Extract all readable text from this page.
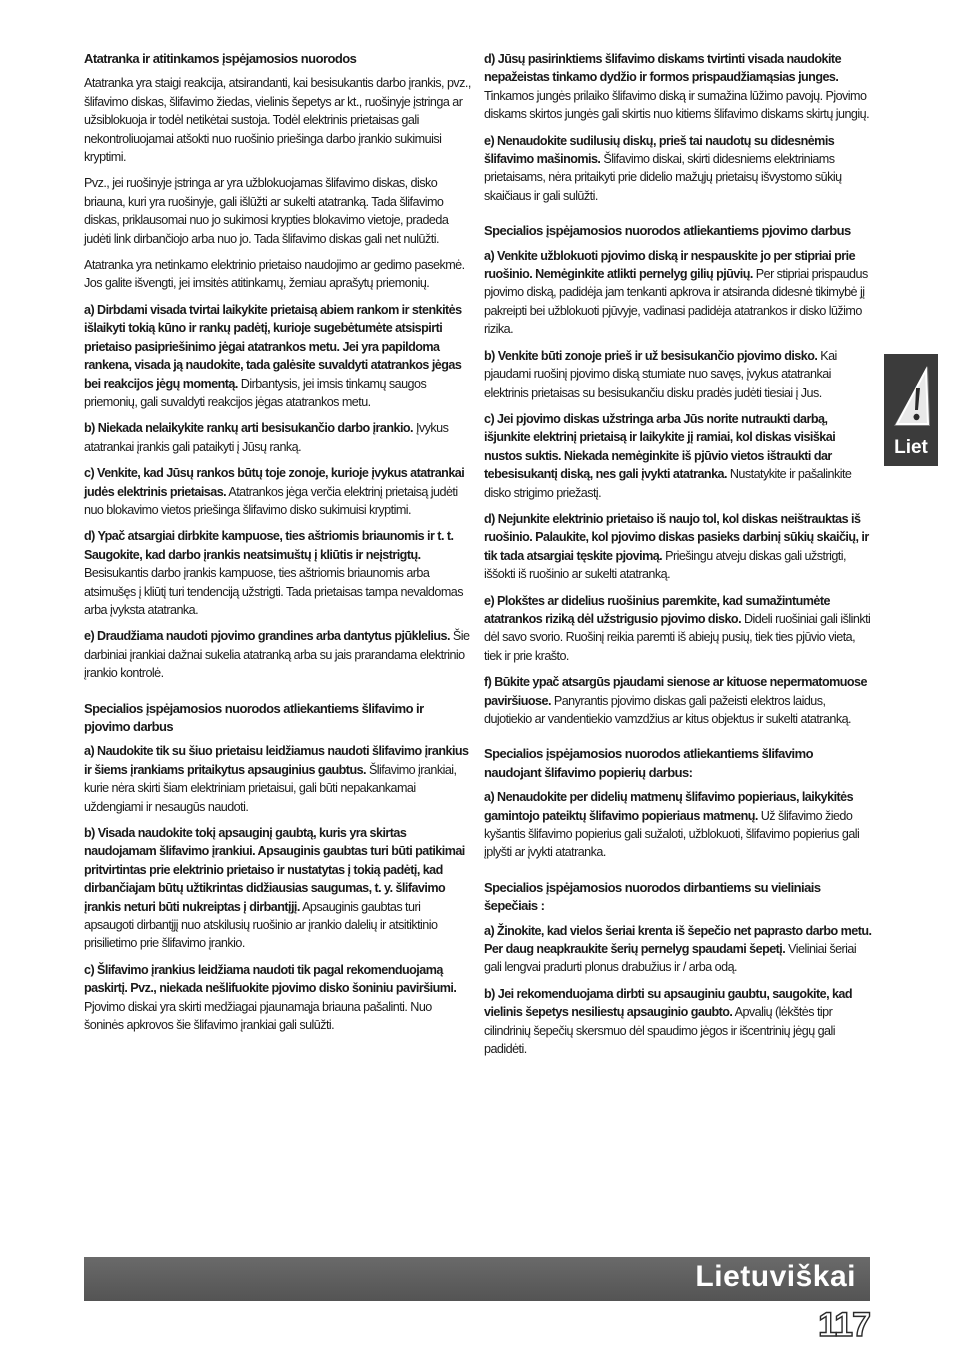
Atatranka ir atitinkamos įspėjamosios nuorodos

Atatranka yra staigi reakcija, atsirandanti, kai besisukantis darbo įrankis, pvz., šlifavimo diskas, šlifavimo žiedas, vielinis šepetys ar kt., ruošinyje įstringa ar užsiblokuoja ir todėl netikėtai sustoja. Todėl elektrinis prietaisas gali nekontroliuojamai atšokti nuo ruošinio priešinga darbo įrankio sukimuisi kryptimi.

Pvz., jei ruošinyje įstringa ar yra užblokuojamas šlifavimo diskas, disko briauna, kuri yra ruošinyje, gali išlūžti ar sukelti atatranką. Tada šlifavimo diskas, priklausomai nuo jo sukimosi krypties blokavimo vietoje, pradeda judėti link dirbančiojo arba nuo jo. Tada šlifavimo diskas gali net nulūžti.

Atatranka yra netinkamo elektrinio prietaiso naudojimo ar gedimo pasekmė. Jos galite išvengti, jei imsitės atitinkamų, žemiau aprašytų priemonių.

a) Dirbdami visada tvirtai laikykite prietaisą abiem rankom ir stenkitės išlaikyti tokią kūno ir rankų padėtį, kurioje sugebėtumėte atsispirti prietaiso pasipriešinimo jėgai atatrankos metu. Jei yra papildoma rankena, visada ją naudokite, tada galėsite suvaldyti atatrankos jėgas bei reakcijos jėgų momentą. Dirbantysis, jei imsis tinkamų saugos priemonių, gali suvaldyti reakcijos jėgas atatrankos metu.

b) Niekada nelaikykite rankų arti besisukančio darbo įrankio. Įvykus atatrankai įrankis gali pataikyti į Jūsų ranką.

c) Venkite, kad Jūsų rankos būtų toje zonoje, kurioje įvykus atatrankai judės elektrinis prietaisas. Atatrankos jėga verčia elektrinį prietaisą judėti nuo blokavimo vietos priešinga šlifavimo disko sukimuisi kryptimi.

d) Ypač atsargiai dirbkite kampuose, ties aštriomis briaunomis ir t. t. Saugokite, kad darbo įrankis neatsimuštų į kliūtis ir neįstrigtų. Besisukantis darbo įrankis kampuose, ties aštriomis briaunomis arba atsimušęs į kliūtį turi tendenciją užstrigti. Tada prietaisas tampa nevaldomas arba įvyksta atatranka.

e) Draudžiama naudoti pjovimo grandines arba dantytus pjūklelius. Šie darbiniai įrankiai dažnai sukelia atatranką arba su jais prarandama elektrinio įrankio kontrolė.

Specialios įspėjamosios nuorodos atliekantiems šlifavimo ir pjovimo darbus

a) Naudokite tik su šiuo prietaisu leidžiamus naudoti šlifavimo įrankius ir šiems įrankiams pritaikytus apsauginius gaubtus. Šlifavimo įrankiai, kurie nėra skirti šiam elektriniam prietaisui, gali būti nepakankamai uždengiami ir nesaugūs naudoti.

b) Visada naudokite tokį apsauginį gaubtą, kuris yra skirtas naudojamam šlifavimo įrankiui. Apsauginis gaubtas turi būti patikimai pritvirtintas prie elektrinio prietaiso ir nustatytas į tokią padėtį, kad dirbančiajam būtų užtikrintas didžiausias saugumas, t. y. šlifavimo įrankis neturi būti nukreiptas į dirbantįjį. Apsauginis gaubtas turi apsaugoti dirbantįjį nuo atskilusių ruošinio ar įrankio dalelių ir atsitiktinio prisilietimo prie šlifavimo įrankio.

c) Šlifavimo įrankius leidžiama naudoti tik pagal rekomenduojamą paskirtį. Pvz., niekada nešlifuokite pjovimo disko šoniniu paviršiumi. Pjovimo diskai yra skirti medžiagai pjaunamąja briauna pašalinti. Nuo šoninės apkrovos šie šlifavimo įrankiai gali sulūžti.

d) Jūsų pasirinktiems šlifavimo diskams tvirtinti visada naudokite nepažeistas tinkamo dydžio ir formos prispaudžiamąsias junges. Tinkamos jungės prilaiko šlifavimo diską ir sumažina lūžimo pavojų. Pjovimo diskams skirtos jungės gali skirtis nuo kitiems šlifavimo diskams skirtų jungių.

e) Nenaudokite sudilusių diskų, prieš tai naudotų su didesnėmis šlifavimo mašinomis. Šlifavimo diskai, skirti didesniems elektriniams prietaisams, nėra pritaikyti prie didelio mažųjų prietaisų išvystomo sūkių skaičiaus ir gali sulūžti.

Specialios įspėjamosios nuorodos atliekantiems pjovimo darbus

a) Venkite užblokuoti pjovimo diską ir nespauskite jo per stipriai prie ruošinio. Nemėginkite atlikti pernelyg gilių pjūvių. Per stipriai prispaudus pjovimo diską, padidėja jam tenkanti apkrova ir atsiranda didesnė tikimybė jį pakreipti bei užblokuoti pjūvyje, vadinasi padidėja atatrankos ir disko lūžimo rizika.

b) Venkite būti zonoje prieš ir už besisukančio pjovimo disko. Kai pjaudami ruošinį pjovimo diską stumiate nuo savęs, įvykus atatrankai elektrinis prietaisas su besisukančiu disku pradės judėti tiesiai į Jus.

c) Jei pjovimo diskas užstringa arba Jūs norite nutraukti darbą, išjunkite elektrinį prietaisą ir laikykite jį ramiai, kol diskas visiškai nustos suktis. Niekada nemėginkite iš pjūvio vietos ištraukti dar tebesisukantį diską, nes gali įvykti atatranka. Nustatykite ir pašalinkite disko strigimo priežastį.

d) Nejunkite elektrinio prietaiso iš naujo tol, kol diskas neištrauktas iš ruošinio. Palaukite, kol pjovimo diskas pasieks darbinį sūkių skaičių, ir tik tada atsargiai tęskite pjovimą. Priešingu atveju diskas gali užstrigti, iššokti iš ruošinio ar sukelti atatranką.

e) Plokštes ar didelius ruošinius paremkite, kad sumažintumėte atatrankos riziką dėl užstrigusio pjovimo disko. Dideli ruošiniai gali išlinkti dėl savo svorio. Ruošinį reikia paremti iš abiejų pusių, tiek ties pjūvio vieta, tiek ir prie krašto.

f) Būkite ypač atsargūs pjaudami sienose ar kituose nepermatomuose paviršiuose. Panyrantis pjovimo diskas gali pažeisti elektros laidus, dujotiekio ar vandentiekio vamzdžius ar kitus objektus ir sukelti atatranką.

Specialios įspėjamosios nuorodos atliekantiems šlifavimo naudojant šlifavimo popierių darbus:

a) Nenaudokite per didelių matmenų šlifavimo popieriaus, laikykitės gamintojo pateiktų šlifavimo popieriaus matmenų. Už šlifavimo žiedo kyšantis šlifavimo popierius gali sužaloti, užblokuoti, šlifavimo popierius gali įplyšti ar įvykti atatranka.

Specialios įspėjamosios nuorodos dirbantiems su vieliniais šepečiais :

a) Žinokite, kad vielos šeriai krenta iš šepečio net paprasto darbo metu. Per daug neapkraukite šerių pernelyg spaudami šepetį. Vieliniai šeriai gali lengvai pradurti plonus drabužius ir / arba odą.

b) Jei rekomenduojama dirbti su apsauginiu gaubtu, saugokite, kad vielinis šepetys nesiliestų apsauginio gaubto. Apvalių (lėkštės tipr cilindrinių šepečių skersmuo dėl spaudimo jėgos ir išcentrinių jėgų gali padidėti.

Liet
Lietuviškai
117
